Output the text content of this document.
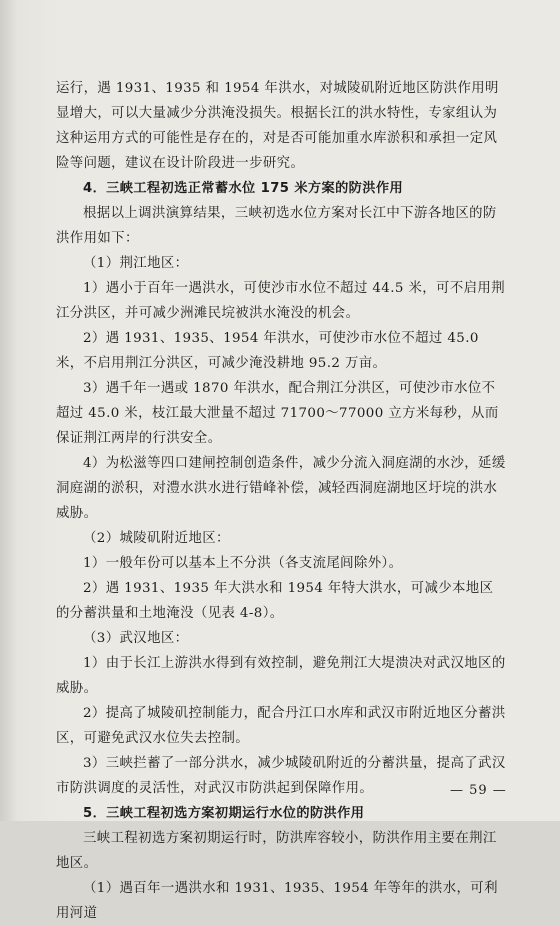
运行，遇 1931、1935 和 1954 年洪水，对城陵矶附近地区防洪作用明显增大，可以大量减少分洪淹没损失。根据长江的洪水特性，专家组认为这种运用方式的可能性是存在的，对是否可能加重水库淤积和承担一定风险等问题，建议在设计阶段进一步研究。

4．三峡工程初选正常蓄水位 175 米方案的防洪作用

根据以上调洪演算结果，三峡初选水位方案对长江中下游各地区的防洪作用如下：

（1）荆江地区：

1）遇小于百年一遇洪水，可使沙市水位不超过 44.5 米，可不启用荆江分洪区，并可减少洲滩民垸被洪水淹没的机会。

2）遇 1931、1935、1954 年洪水，可使沙市水位不超过 45.0 米，不启用荆江分洪区，可减少淹没耕地 95.2 万亩。

3）遇千年一遇或 1870 年洪水，配合荆江分洪区，可使沙市水位不超过 45.0 米，枝江最大泄量不超过 71700～77000 立方米每秒，从而保证荆江两岸的行洪安全。

4）为松滋等四口建闸控制创造条件，减少分流入洞庭湖的水沙，延缓洞庭湖的淤积，对澧水洪水进行错峰补偿，减轻西洞庭湖地区圩垸的洪水威胁。

（2）城陵矶附近地区：

1）一般年份可以基本上不分洪（各支流尾闾除外）。

2）遇 1931、1935 年大洪水和 1954 年特大洪水，可减少本地区的分蓄洪量和土地淹没（见表 4-8）。

（3）武汉地区：

1）由于长江上游洪水得到有效控制，避免荆江大堤溃决对武汉地区的威胁。

2）提高了城陵矶控制能力，配合丹江口水库和武汉市附近地区分蓄洪区，可避免武汉水位失去控制。

3）三峡拦蓄了一部分洪水，减少城陵矶附近的分蓄洪量，提高了武汉市防洪调度的灵活性，对武汉市防洪起到保障作用。

5．三峡工程初选方案初期运行水位的防洪作用

三峡工程初选方案初期运行时，防洪库容较小，防洪作用主要在荆江地区。

（1）遇百年一遇洪水和 1931、1935、1954 年等年的洪水，可利用河道

— 59 —
